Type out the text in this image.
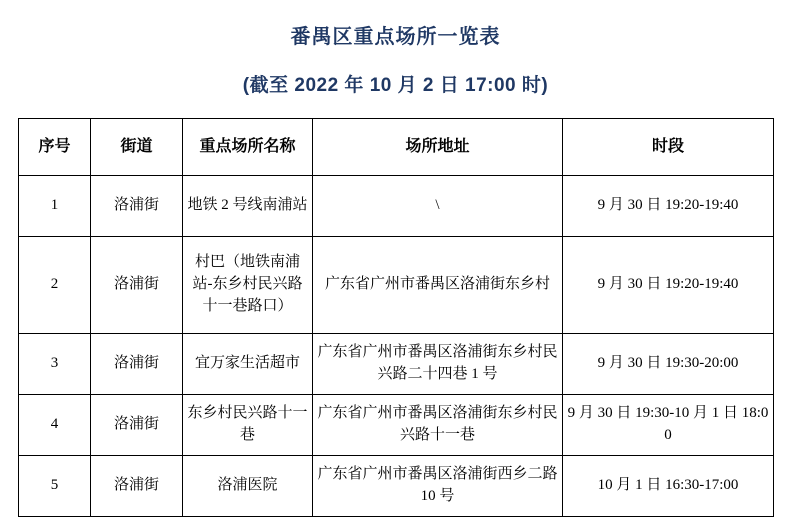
番禺区重点场所一览表
(截至 2022 年 10 月 2 日 17:00 时)
序号	街道	重点场所名称	场所地址	时段
1	洛浦街	地铁 2 号线南浦站	\	9 月 30 日 19:20-19:40
2	洛浦街	村巴（地铁南浦站-东乡村民兴路十一巷路口）	广东省广州市番禺区洛浦街东乡村	9 月 30 日 19:20-19:40
3	洛浦街	宜万家生活超市	广东省广州市番禺区洛浦街东乡村民兴路二十四巷 1 号	9 月 30 日 19:30-20:00
4	洛浦街	东乡村民兴路十一巷	广东省广州市番禺区洛浦街东乡村民兴路十一巷	9 月 30 日 19:30-10 月 1 日 18:00
5	洛浦街	洛浦医院	广东省广州市番禺区洛浦街西乡二路 10 号	10 月 1 日 16:30-17:00
